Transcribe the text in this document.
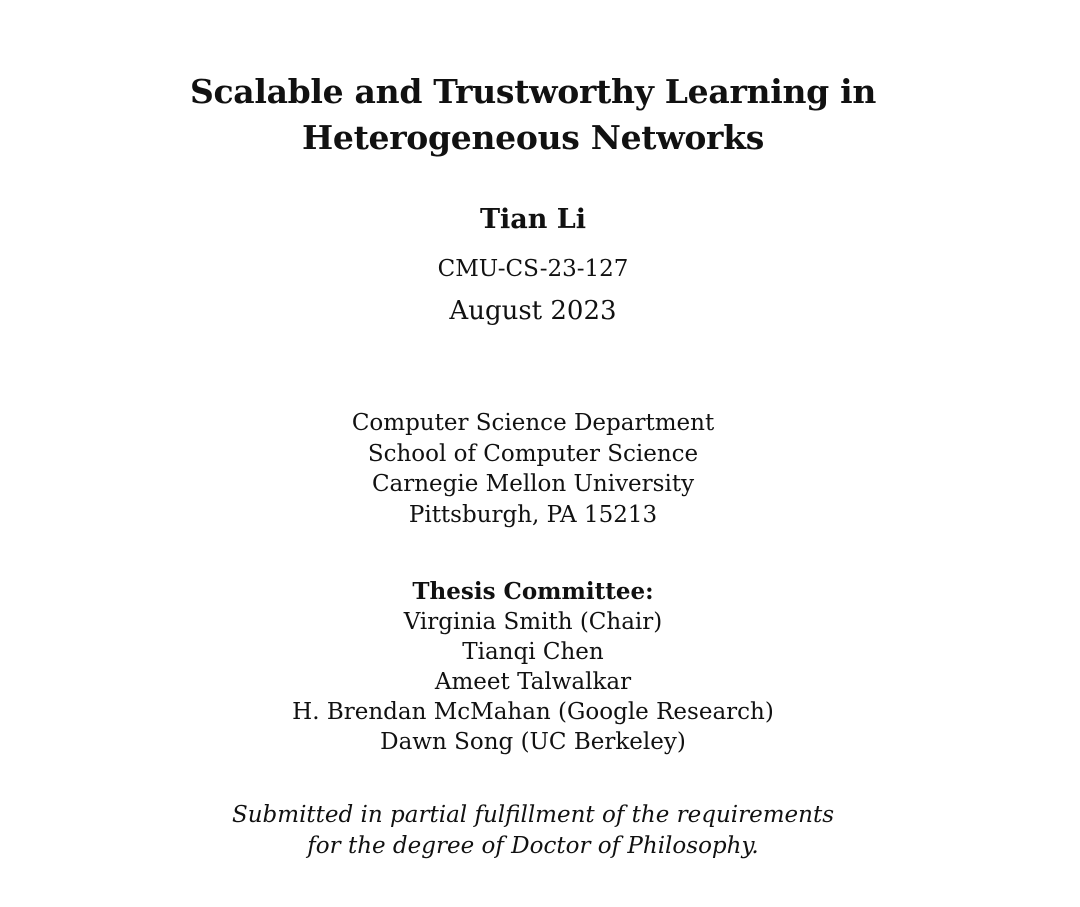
Scalable and Trustworthy Learning in
Heterogeneous Networks
Tian Li
CMU-CS-23-127
August 2023
Computer Science Department
School of Computer Science
Carnegie Mellon University
Pittsburgh, PA 15213
Thesis Committee:
Virginia Smith (Chair)
Tianqi Chen
Ameet Talwalkar
H. Brendan McMahan (Google Research)
Dawn Song (UC Berkeley)
Submitted in partial fulfillment of the requirements
for the degree of Doctor of Philosophy.
